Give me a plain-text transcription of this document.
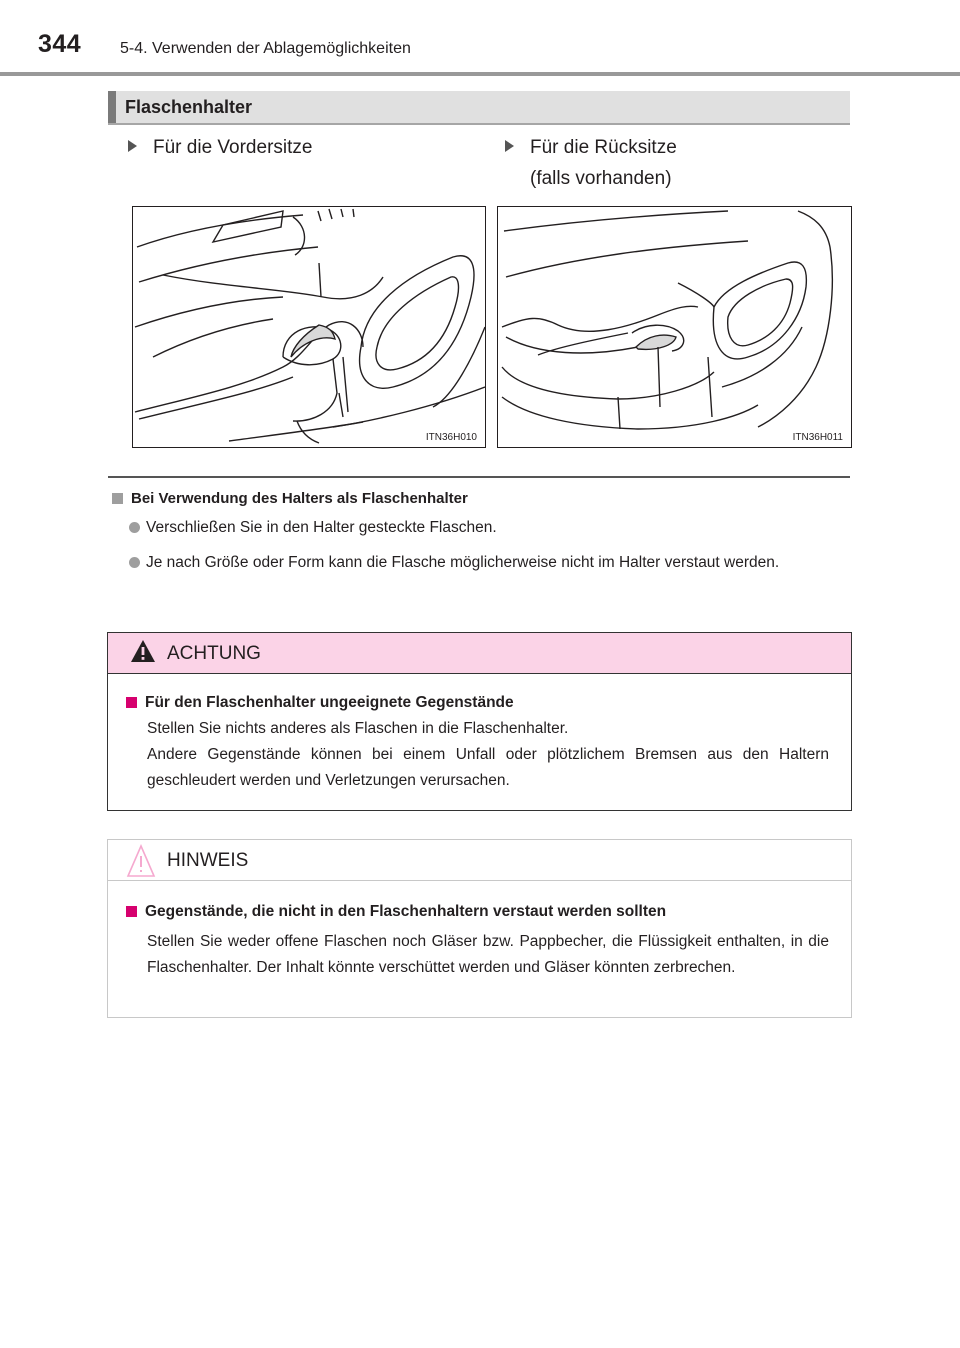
344 5-4. Verwenden der Ablagemöglichkeiten
Flaschenhalter
Für die Vordersitze	Für die Rücksitze
(falls vorhanden)
ITN36H010	ITN36H011
Bei Verwendung des Halters als Flaschenhalter
Verschließen Sie in den Halter gesteckte Flaschen.
Je nach Größe oder Form kann die Flasche möglicherweise nicht im Halter verstaut werden.
ACHTUNG
Für den Flaschenhalter ungeeignete Gegenstände
Stellen Sie nichts anderes als Flaschen in die Flaschenhalter.
Andere Gegenstände können bei einem Unfall oder plötzlichem Bremsen aus den Haltern geschleudert werden und Verletzungen verursachen.
HINWEIS
Gegenstände, die nicht in den Flaschenhaltern verstaut werden sollten
Stellen Sie weder offene Flaschen noch Gläser bzw. Pappbecher, die Flüssigkeit enthalten, in die Flaschenhalter. Der Inhalt könnte verschüttet werden und Gläser könnten zerbrechen.
